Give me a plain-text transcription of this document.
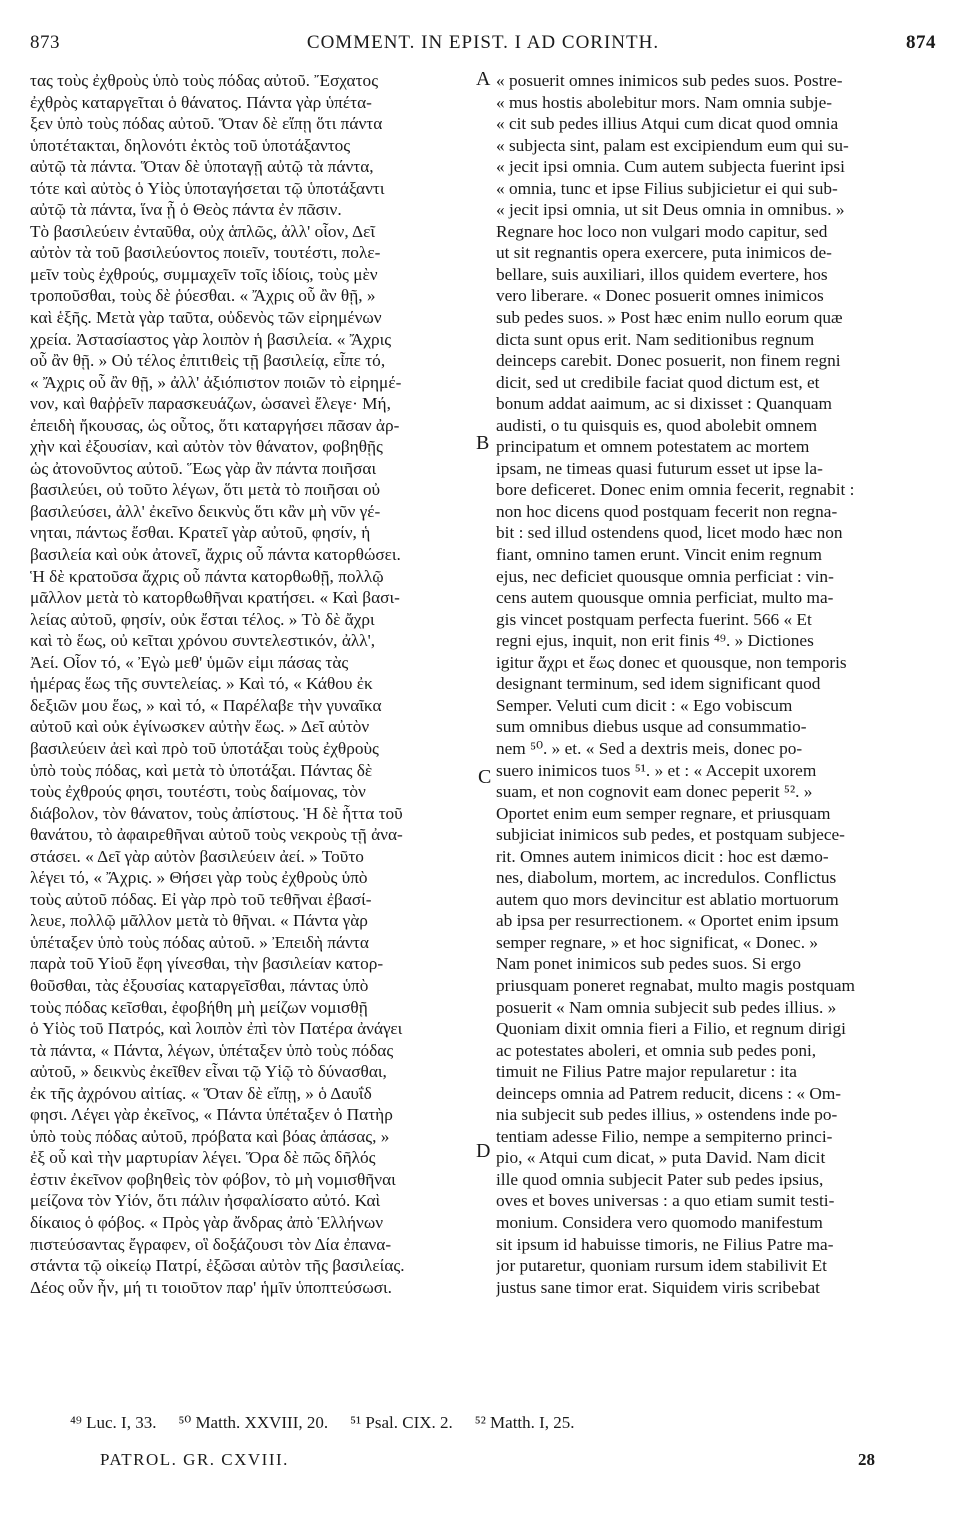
873	COMMENT. IN EPIST. I AD CORINTH.	874
τας τοὺς ἐχθροὺς ὑπὸ τοὺς πόδας αὐτοῦ. Ἔσχατος
ἐχθρὸς καταργεῖται ὁ θάνατος. Πάντα γὰρ ὑπέτα-
ξεν ὑπὸ τοὺς πόδας αὐτοῦ. Ὅταν δὲ εἴπῃ ὅτι πάντα
ὑποτέτακται, δηλονότι ἐκτὸς τοῦ ὑποτάξαντος
αὐτῷ τὰ πάντα. Ὅταν δὲ ὑποταγῇ αὐτῷ τὰ πάντα,
τότε καὶ αὐτὸς ὁ Υἱὸς ὑποταγήσεται τῷ ὑποτάξαντι
αὐτῷ τὰ πάντα, ἵνα ᾖ ὁ Θεὸς πάντα ἐν πᾶσιν.
Τὸ βασιλεύειν ἐνταῦθα, οὐχ ἁπλῶς, ἀλλ' οἷον, Δεῖ
αὐτὸν τὰ τοῦ βασιλεύοντος ποιεῖν, τουτέστι, πολε-
μεῖν τοὺς ἐχθρούς, συμμαχεῖν τοῖς ἰδίοις, τοὺς μὲν
τροποῦσθαι, τοὺς δὲ ῥύεσθαι. « Ἄχρις οὗ ἂν θῇ, »
καὶ ἑξῆς. Μετὰ γὰρ ταῦτα, οὐδενὸς τῶν εἰρημένων
χρεία. Ἀστασίαστος γὰρ λοιπὸν ἡ βασιλεία. « Ἄχρις
οὗ ἂν θῇ. » Οὐ τέλος ἐπιτιθεὶς τῇ βασιλείᾳ, εἶπε τό,
« Ἄχρις οὗ ἂν θῇ, » ἀλλ' ἀξιόπιστον ποιῶν τὸ εἰρημέ-
νον, καὶ θαῤῥεῖν παρασκευάζων, ὡσανεὶ ἔλεγε· Μή,
ἐπειδὴ ἤκουσας, ὡς οὗτος, ὅτι καταργήσει πᾶσαν ἀρ-
χὴν καὶ ἐξουσίαν, καὶ αὐτὸν τὸν θάνατον, φοβηθῇς
ὡς ἀτονοῦντος αὐτοῦ. Ἕως γὰρ ἂν πάντα ποιῆσαι
βασιλεύει, οὐ τοῦτο λέγων, ὅτι μετὰ τὸ ποιῆσαι οὐ
βασιλεύσει, ἀλλ' ἐκεῖνο δεικνὺς ὅτι κἂν μὴ νῦν γέ-
νηται, πάντως ἔσθαι. Κρατεῖ γὰρ αὐτοῦ, φησίν, ἡ
βασιλεία καὶ οὐκ ἀτονεῖ, ἄχρις οὗ πάντα κατορθώσει.
Ἡ δὲ κρατοῦσα ἄχρις οὗ πάντα κατορθωθῇ, πολλῷ
μᾶλλον μετὰ τὸ κατορθωθῆναι κρατήσει. « Καὶ βασι-
λείας αὐτοῦ, φησίν, οὐκ ἔσται τέλος. » Τὸ δὲ ἄχρι
καὶ τὸ ἕως, οὐ κεῖται χρόνου συντελεστικόν, ἀλλ',
Ἀεί. Οἷον τό, « Ἐγὼ μεθ' ὑμῶν εἰμι πάσας τὰς
ἡμέρας ἕως τῆς συντελείας. » Καὶ τό, « Κάθου ἐκ
δεξιῶν μου ἕως, » καὶ τό, « Παρέλαβε τὴν γυναῖκα
αὐτοῦ καὶ οὐκ ἐγίνωσκεν αὐτὴν ἕως. » Δεῖ αὐτὸν
βασιλεύειν ἀεὶ καὶ πρὸ τοῦ ὑποτάξαι τοὺς ἐχθροὺς
ὑπὸ τοὺς πόδας, καὶ μετὰ τὸ ὑποτάξαι. Πάντας δὲ
τοὺς ἐχθρούς φησι, τουτέστι, τοὺς δαίμονας, τὸν
διάβολον, τὸν θάνατον, τοὺς ἀπίστους. Ἡ δὲ ἧττα τοῦ
θανάτου, τὸ ἀφαιρεθῆναι αὐτοῦ τοὺς νεκροὺς τῇ ἀνα-
στάσει. « Δεῖ γὰρ αὐτὸν βασιλεύειν ἀεί. » Τοῦτο
λέγει τό, « Ἄχρις. » Θήσει γὰρ τοὺς ἐχθροὺς ὑπὸ
τοὺς αὐτοῦ πόδας. Εἰ γὰρ πρὸ τοῦ τεθῆναι ἐβασί-
λευε, πολλῷ μᾶλλον μετὰ τὸ θῆναι. « Πάντα γὰρ
ὑπέταξεν ὑπὸ τοὺς πόδας αὐτοῦ. » Ἐπειδὴ πάντα
παρὰ τοῦ Υἱοῦ ἔφη γίνεσθαι, τὴν βασιλείαν κατορ-
θοῦσθαι, τὰς ἐξουσίας καταργεῖσθαι, πάντας ὑπὸ
τοὺς πόδας κεῖσθαι, ἐφοβήθη μὴ μείζων νομισθῇ
ὁ Υἱὸς τοῦ Πατρός, καὶ λοιπὸν ἐπὶ τὸν Πατέρα ἀνάγει
τὰ πάντα, « Πάντα, λέγων, ὑπέταξεν ὑπὸ τοὺς πόδας
αὐτοῦ, » δεικνὺς ἐκεῖθεν εἶναι τῷ Υἱῷ τὸ δύνασθαι,
ἐκ τῆς ἀχρόνου αἰτίας. « Ὅταν δὲ εἴπῃ, » ὁ Δαυΐδ
φησι. Λέγει γὰρ ἐκεῖνος, « Πάντα ὑπέταξεν ὁ Πατὴρ
ὑπὸ τοὺς πόδας αὐτοῦ, πρόβατα καὶ βόας ἁπάσας, »
ἐξ οὗ καὶ τὴν μαρτυρίαν λέγει. Ὅρα δὲ πῶς δῆλός
ἐστιν ἐκεῖνον φοβηθεὶς τὸν φόβον, τὸ μὴ νομισθῆναι
μείζονα τὸν Υἱόν, ὅτι πάλιν ἠσφαλίσατο αὐτό. Καὶ
δίκαιος ὁ φόβος. « Πρὸς γὰρ ἄνδρας ἀπὸ Ἑλλήνων
πιστεύσαντας ἔγραφεν, οἳ δοξάζουσι τὸν Δία ἐπανα-
στάντα τῷ οἰκείῳ Πατρί, ἐξῶσαι αὐτὸν τῆς βασιλείας.
Δέος οὖν ἦν, μή τι τοιοῦτον παρ' ἡμῖν ὑποπτεύσωσι.
A
B
C
D
« posuerit omnes inimicos sub pedes suos. Postre-
« mus hostis abolebitur mors. Nam omnia subje-
« cit sub pedes illius Atqui cum dicat quod omnia
« subjecta sint, palam est excipiendum eum qui su-
« jecit ipsi omnia. Cum autem subjecta fuerint ipsi
« omnia, tunc et ipse Filius subjicietur ei qui sub-
« jecit ipsi omnia, ut sit Deus omnia in omnibus. »
Regnare hoc loco non vulgari modo capitur, sed
ut sit regnantis opera exercere, puta inimicos de-
bellare, suis auxiliari, illos quidem evertere, hos
vero liberare. « Donec posuerit omnes inimicos
sub pedes suos. » Post hæc enim nullo eorum quæ
dicta sunt opus erit. Nam seditionibus regnum
deinceps carebit. Donec posuerit, non finem regni
dicit, sed ut credibile faciat quod dictum est, et
bonum addat aaimum, ac si dixisset : Quanquam
audisti, o tu quisquis es, quod abolebit omnem
principatum et omnem potestatem ac mortem
ipsam, ne timeas quasi futurum esset ut ipse la-
bore deficeret. Donec enim omnia fecerit, regnabit :
non hoc dicens quod postquam fecerit non regna-
bit : sed illud ostendens quod, licet modo hæc non
fiant, omnino tamen erunt. Vincit enim regnum
ejus, nec deficiet quousque omnia perficiat : vin-
cens autem quousque omnia perficiat, multo ma-
gis vincet postquam perfecta fuerint. 566 « Et
regni ejus, inquit, non erit finis ⁴⁹. » Dictiones
igitur ἄχρι et ἕως donec et quousque, non temporis
designant terminum, sed idem significant quod
Semper. Veluti cum dicit : « Ego vobiscum
sum omnibus diebus usque ad consummatio-
nem ⁵⁰. » et. « Sed a dextris meis, donec po-
suero inimicos tuos ⁵¹. » et : « Accepit uxorem
suam, et non cognovit eam donec peperit ⁵². »
Oportet enim eum semper regnare, et priusquam
subjiciat inimicos sub pedes, et postquam subjece-
rit. Omnes autem inimicos dicit : hoc est dæmo-
nes, diabolum, mortem, ac incredulos. Conflictus
autem quo mors devincitur est ablatio mortuorum
ab ipsa per resurrectionem. « Oportet enim ipsum
semper regnare, » et hoc significat, « Donec. »
Nam ponet inimicos sub pedes suos. Si ergo
priusquam poneret regnabat, multo magis postquam
posuerit « Nam omnia subjecit sub pedes illius. »
Quoniam dixit omnia fieri a Filio, et regnum dirigi
ac potestates aboleri, et omnia sub pedes poni,
timuit ne Filius Patre major repularetur : ita
deinceps omnia ad Patrem reducit, dicens : « Om-
nia subjecit sub pedes illius, » ostendens inde po-
tentiam adesse Filio, nempe a sempiterno princi-
pio, « Atqui cum dicat, » puta David. Nam dicit
ille quod omnia subjecit Pater sub pedes ipsius,
oves et boves universas : a quo etiam sumit testi-
monium. Considera vero quomodo manifestum
sit ipsum id habuisse timoris, ne Filius Patre ma-
jor putaretur, quoniam rursum idem stabilivit Et
justus sane timor erat. Siquidem viris scribebat
⁴⁹ Luc. I, 33. ⁵⁰ Matth. XXVIII, 20. ⁵¹ Psal. CIX. 2. ⁵² Matth. I, 25.
PATROL. GR. CXVIII.	28
